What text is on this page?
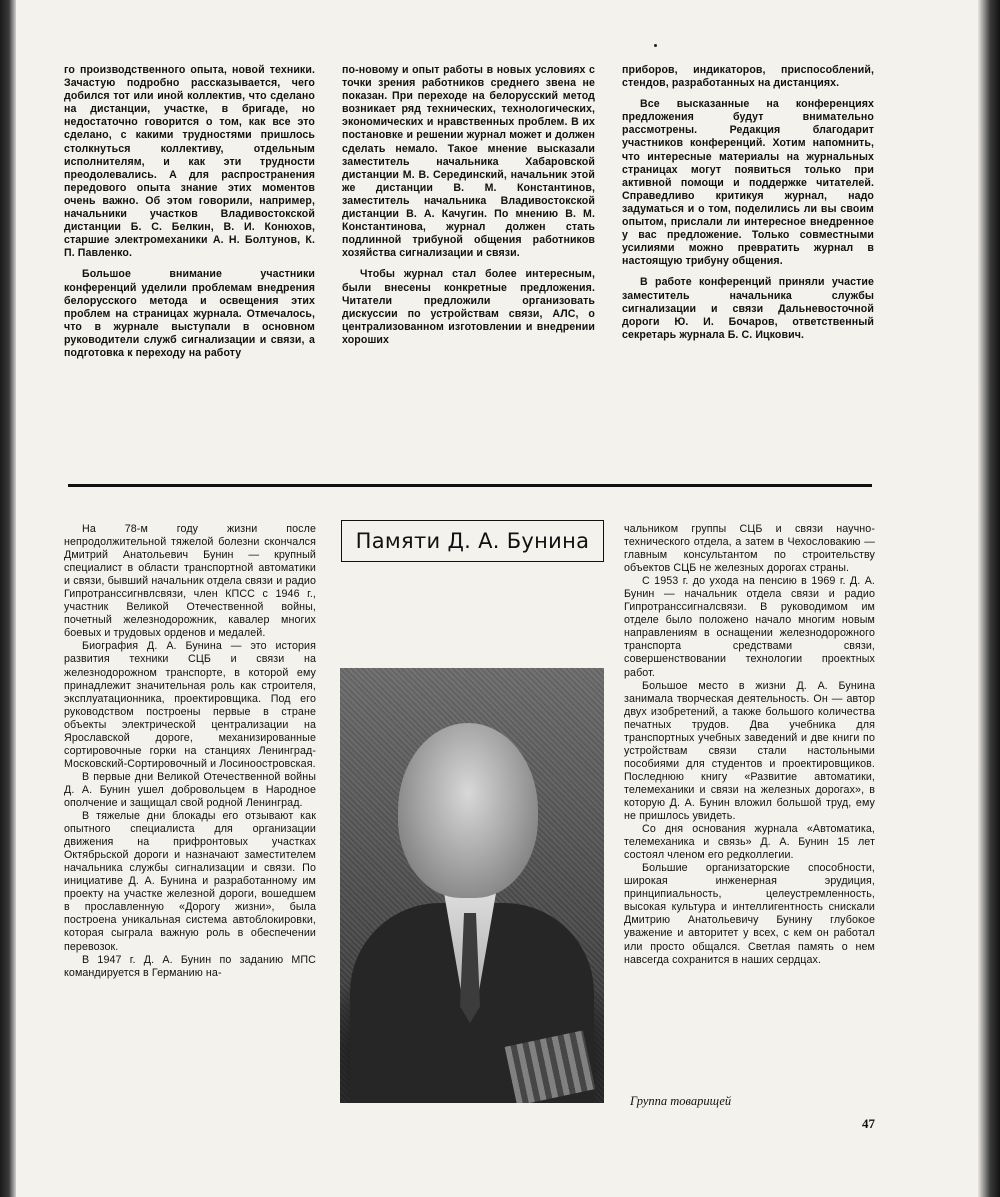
го производственного опыта, новой техники. Зачастую подробно рассказывается, чего добился тот или иной коллектив, что сделано на дистанции, участке, в бригаде, но недостаточно говорится о том, как все это сделано, с какими трудностями пришлось столкнуться коллективу, отдельным исполнителям, и как эти трудности преодолевались. А для распространения передового опыта знание этих моментов очень важно. Об этом говорили, например, начальники участков Владивостокской дистанции Б. С. Белкин, В. И. Конюхов, старшие электромеханики А. Н. Болтунов, К. П. Павленко.

Большое внимание участники конференций уделили проблемам внедрения белорусского метода и освещения этих проблем на страницах журнала. Отмечалось, что в журнале выступали в основном руководители служб сигнализации и связи, а подготовка к переходу на работу

по-новому и опыт работы в новых условиях с точки зрения работников среднего звена не показан. При переходе на белорусский метод возникает ряд технических, технологических, экономических и нравственных проблем. В их постановке и решении журнал может и должен сделать немало. Такое мнение высказали заместитель начальника Хабаровской дистанции М. В. Серединский, начальник этой же дистанции В. М. Константинов, заместитель начальника Владивостокской дистанции В. А. Качугин. По мнению В. М. Константинова, журнал должен стать подлинной трибуной общения работников хозяйства сигнализации и связи.

Чтобы журнал стал более интересным, были внесены конкретные предложения. Читатели предложили организовать дискуссии по устройствам связи, АЛС, о централизованном изготовлении и внедрении хороших

приборов, индикаторов, приспособлений, стендов, разработанных на дистанциях.

Все высказанные на конференциях предложения будут внимательно рассмотрены. Редакция благодарит участников конференций. Хотим напомнить, что интересные материалы на журнальных страницах могут появиться только при активной помощи и поддержке читателей. Справедливо критикуя журнал, надо задуматься и о том, поделились ли вы своим опытом, прислали ли интересное внедренное у вас предложение. Только совместными усилиями можно превратить журнал в настоящую трибуну общения.

В работе конференций приняли участие заместитель начальника службы сигнализации и связи Дальневосточной дороги Ю. И. Бочаров, ответственный секретарь журнала Б. С. Ицкович.

На 78-м году жизни после непродолжительной тяжелой болезни скончался Дмитрий Анатольевич Бунин — крупный специалист в области транспортной автоматики и связи, бывший начальник отдела связи и радио Гипротранссигнвлсвязи, член КПСС с 1946 г., участник Великой Отечественной войны, почетный железнодорожник, кавалер многих боевых и трудовых орденов и медалей.

Биография Д. А. Бунина — это история развития техники СЦБ и связи на железнодорожном транспорте, в которой ему принадлежит значительная роль как строителя, эксплуатационника, проектировщика. Под его руководством построены первые в стране объекты электрической централизации на Ярославской дороге, механизированные сортировочные горки на станциях Ленинград-Московский-Сортировочный и Лосиноостровская.

В первые дни Великой Отечественной войны Д. А. Бунин ушел добровольцем в Народное ополчение и защищал свой родной Ленинград.

В тяжелые дни блокады его отзывают как опытного специалиста для организации движения на прифронтовых участках Октябрьской дороги и назначают заместителем начальника службы сигнализации и связи. По инициативе Д. А. Бунина и разработанному им проекту на участке железной дороги, вошедшем в прославленную «Дорогу жизни», была построена уникальная система автоблокировки, которая сыграла важную роль в обеспечении перевозок.

В 1947 г. Д. А. Бунин по заданию МПС командируется в Германию на-

Памяти Д. А. Бунина	чальником группы СЦБ и связи научно-технического отдела, а затем в Чехословакию — главным консультантом по строительству объектов СЦБ не железных дорогах страны.

С 1953 г. до ухода на пенсию в 1969 г. Д. А. Бунин — начальник отдела связи и радио Гипротранссигналсвязи. В руководимом им отделе было положено начало многим новым направлениям в оснащении железнодорожного транспорта средствами связи, совершенствовании технологии проектных работ.

Большое место в жизни Д. А. Бунина занимала творческая деятельность. Он — автор двух изобретений, а также большого количества печатных трудов. Два учебника для транспортных учебных заведений и две книги по устройствам связи стали настольными пособиями для студентов и проектировщиков. Последнюю книгу «Развитие автоматики, телемеханики и связи на железных дорогах», в которую Д. А. Бунин вложил большой труд, ему не пришлось увидеть.

Со дня основания журнала «Автоматика, телемеханика и связь» Д. А. Бунин 15 лет состоял членом его редколлегии.

Большие организаторские способности, широкая инженерная эрудиция, принципиальность, целеустремленность, высокая культура и интеллигентность снискали Дмитрию Анатольевичу Бунину глубокое уважение и авторитет у всех, с кем он работал или просто общался. Светлая память о нем навсегда сохранится в наших сердцах.

Группа товарищей
47
